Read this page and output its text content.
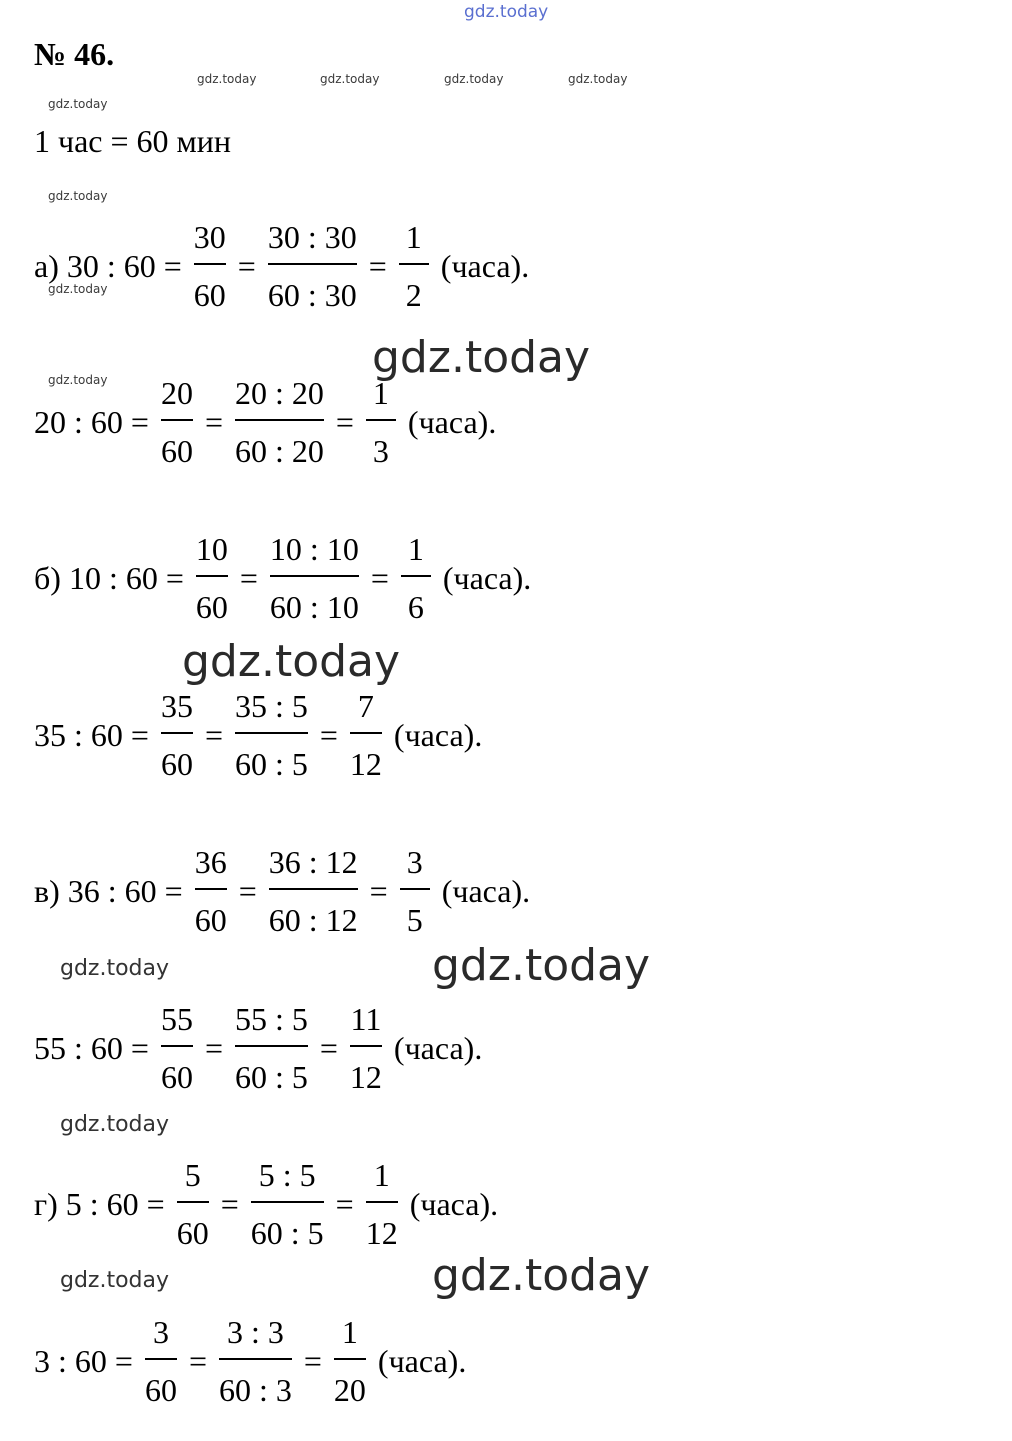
gdz.today
gdz.today	gdz.today	gdz.today	gdz.today
gdz.today
gdz.today
gdz.today
gdz.today	gdz.today
gdz.today
gdz.today	gdz.today
gdz.today
gdz.today	gdz.today
№ 46.
1 час = 60 мин
а) 30 : $60 = \frac{30}{60} = \frac{30 : 30}{60 : 30} = \frac{1}{2}$ (часа).
20 : $60 = \frac{20}{60} = \frac{20 : 20}{60 : 20} = \frac{1}{3}$ (часа).
б) 10 : $60 = \frac{10}{60} = \frac{10 : 10}{60 : 10} = \frac{1}{6}$ (часа).
35 : $60 = \frac{35}{60} = \frac{35 : 5}{60 : 5} = \frac{7}{12}$ (часа).
в) 36 : $60 = \frac{36}{60} = \frac{36 : 12}{60 : 12} = \frac{3}{5}$ (часа).
55 : $60 = \frac{55}{60} = \frac{55 : 5}{60 : 5} = \frac{11}{12}$ (часа).
г) 5 : $60 = \frac{5}{60} = \frac{5 : 5}{60 : 5} = \frac{1}{12}$ (часа).
3 : $60 = \frac{3}{60} = \frac{3 : 3}{60 : 3} = \frac{1}{20}$ (часа).
